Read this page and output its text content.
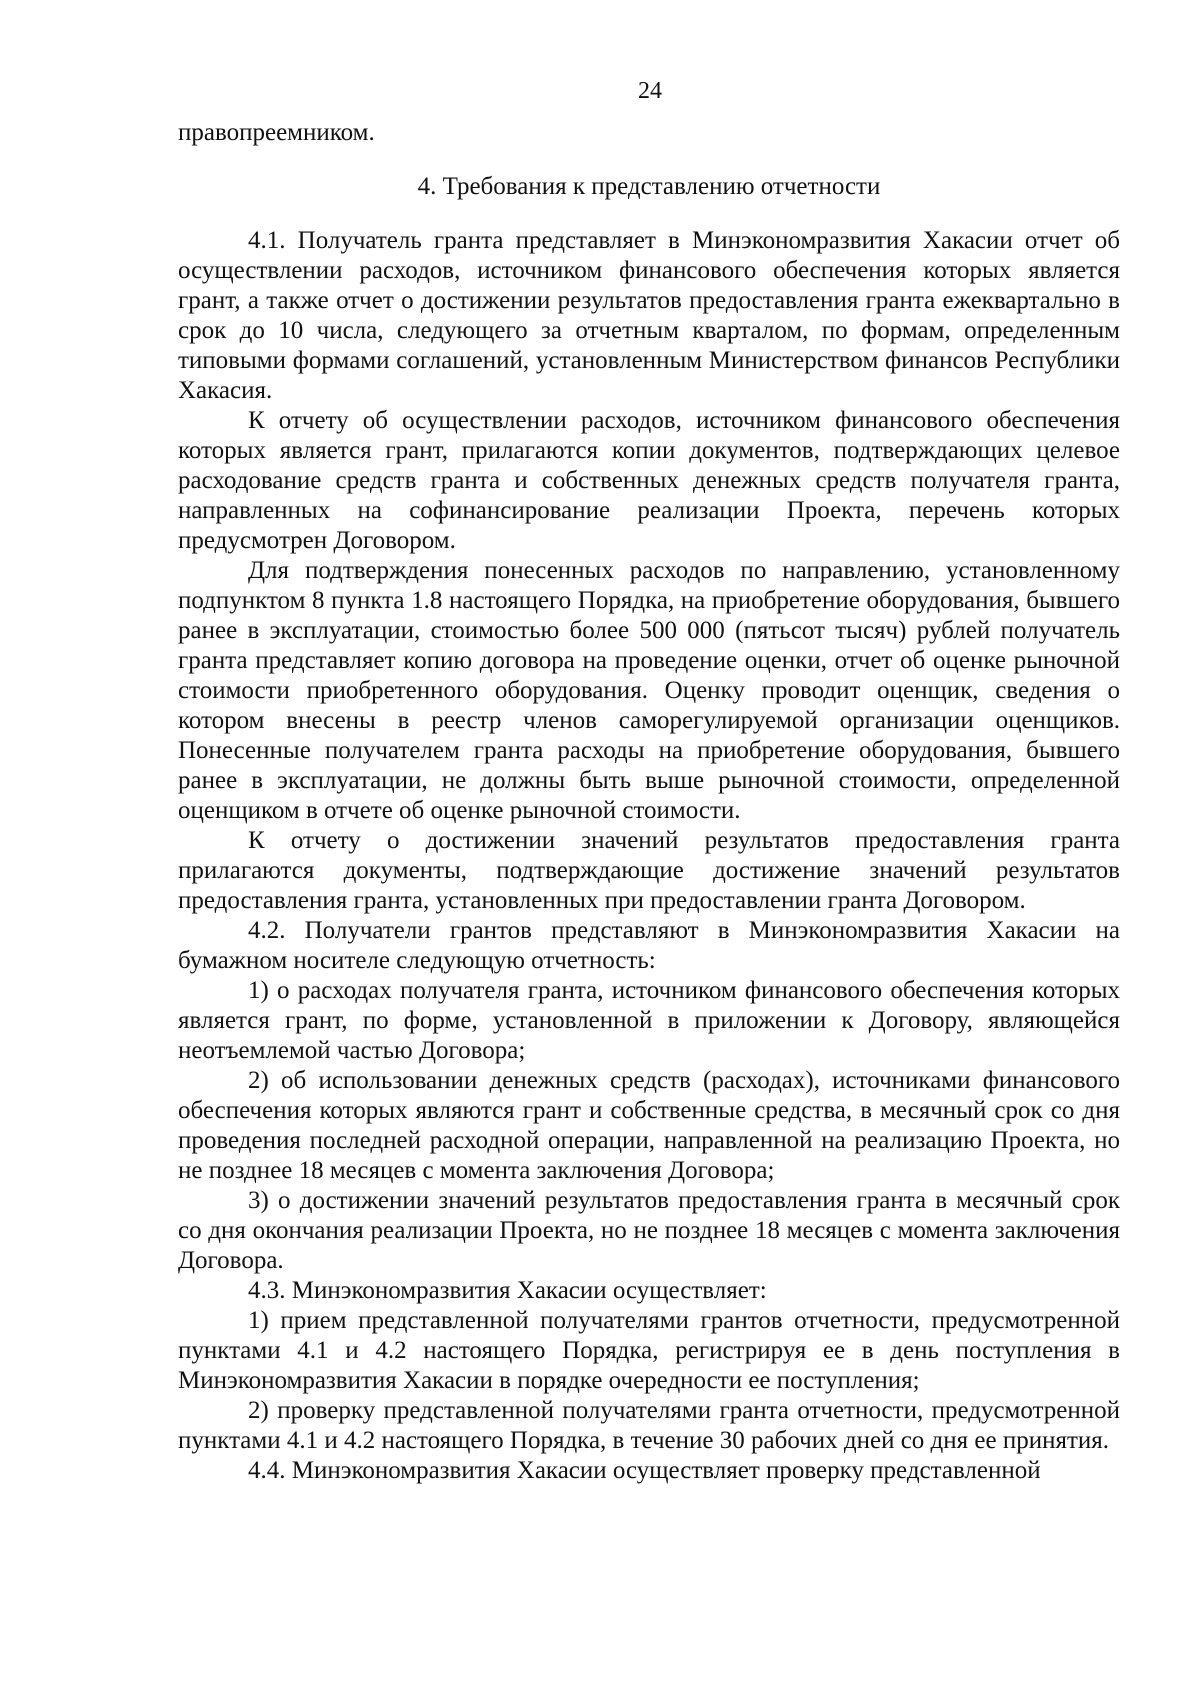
24

правопреемником.

4. Требования к представлению отчетности

4.1. Получатель гранта представляет в Минэкономразвития Хакасии отчет об осуществлении расходов, источником финансового обеспечения которых является грант, а также отчет о достижении результатов предоставления гранта ежеквартально в срок до 10 числа, следующего за отчетным кварталом, по формам, определенным типовыми формами соглашений, установленным Министерством финансов Республики Хакасия.

К отчету об осуществлении расходов, источником финансового обеспечения которых является грант, прилагаются копии документов, подтверждающих целевое расходование средств гранта и собственных денежных средств получателя гранта, направленных на софинансирование реализации Проекта, перечень которых предусмотрен Договором.

Для подтверждения понесенных расходов по направлению, установленному подпунктом 8 пункта 1.8 настоящего Порядка, на приобретение оборудования, бывшего ранее в эксплуатации, стоимостью более 500 000 (пятьсот тысяч) рублей получатель гранта представляет копию договора на проведение оценки, отчет об оценке рыночной стоимости приобретенного оборудования. Оценку проводит оценщик, сведения о котором внесены в реестр членов саморегулируемой организации оценщиков. Понесенные получателем гранта расходы на приобретение оборудования, бывшего ранее в эксплуатации, не должны быть выше рыночной стоимости, определенной оценщиком в отчете об оценке рыночной стоимости.

К отчету о достижении значений результатов предоставления гранта прилагаются документы, подтверждающие достижение значений результатов предоставления гранта, установленных при предоставлении гранта Договором.

4.2. Получатели грантов представляют в Минэкономразвития Хакасии на бумажном носителе следующую отчетность:

1) о расходах получателя гранта, источником финансового обеспечения которых является грант, по форме, установленной в приложении к Договору, являющейся неотъемлемой частью Договора;

2) об использовании денежных средств (расходах), источниками финансового обеспечения которых являются грант и собственные средства, в месячный срок со дня проведения последней расходной операции, направленной на реализацию Проекта, но не позднее 18 месяцев с момента заключения Договора;

3) о достижении значений результатов предоставления гранта в месячный срок со дня окончания реализации Проекта, но не позднее 18 месяцев с момента заключения Договора.

4.3. Минэкономразвития Хакасии осуществляет:

1) прием представленной получателями грантов отчетности, предусмотренной пунктами 4.1 и 4.2 настоящего Порядка, регистрируя ее в день поступления в Минэкономразвития Хакасии в порядке очередности ее поступления;

2) проверку представленной получателями гранта отчетности, предусмотренной пунктами 4.1 и 4.2 настоящего Порядка, в течение 30 рабочих дней со дня ее принятия.

4.4. Минэкономразвития Хакасии осуществляет проверку представленной
